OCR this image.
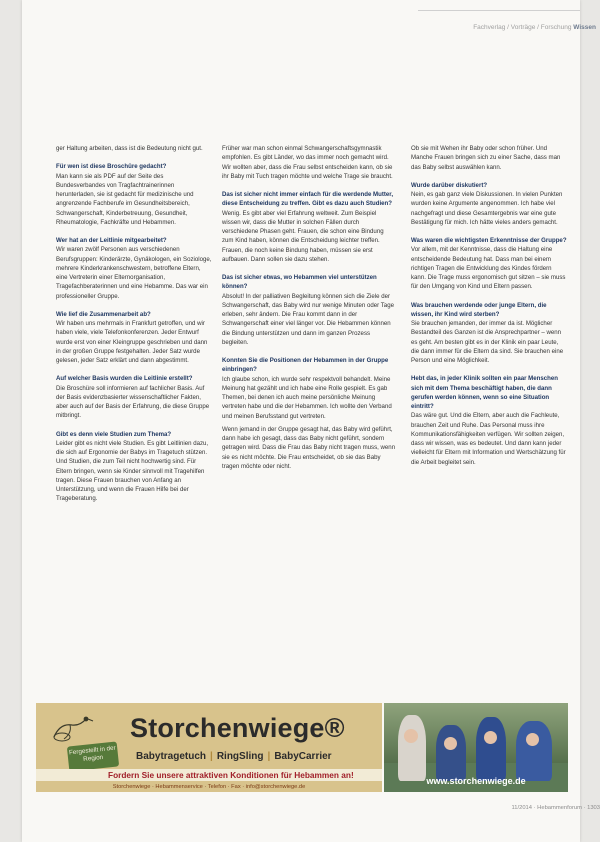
Fachverlag / Vorträge / Forschung Wissen

ger Haltung arbeiten, dass ist die Bedeutung nicht gut.

Für wen ist diese Broschüre gedacht?

Man kann sie als PDF auf der Seite des Bundesverbandes von Tragfachtrainerinnen herunterladen, sie ist gedacht für medizinische und angrenzende Fachberufe im Gesundheitsbereich, Schwangerschaft, Kinderbetreuung, Gesundheit, Rheumatologie, Fachkräfte und Hebammen.

Wer hat an der Leitlinie mitgearbeitet?

Wir waren zwölf Personen aus verschiedenen Berufsgruppen: Kinderärzte, Gynäkologen, ein Soziologe, mehrere Kinderkrankenschwestern, betroffene Eltern, eine Vertreterin einer Elternorganisation, Tragefachberaterinnen und eine Hebamme. Das war ein professioneller Gruppe.

Wie lief die Zusammenarbeit ab?

Wir haben uns mehrmals in Frankfurt getroffen, und wir haben viele, viele Telefonkonferenzen. Jeder Entwurf wurde erst von einer Kleingruppe geschrieben und dann in der großen Gruppe festgehalten. Jeder Satz wurde gelesen, jeder Satz erklärt und dann abgestimmt.

Auf welcher Basis wurden die Leitlinie erstellt?

Die Broschüre soll informieren auf fachlicher Basis. Auf der Basis evidenzbasierter wissenschaftlicher Fakten, aber auch auf der Basis der Erfahrung, die diese Gruppe mitbringt.

Gibt es denn viele Studien zum Thema?

Leider gibt es nicht viele Studien. Es gibt Leitlinien dazu, die sich auf Ergonomie der Babys im Tragetuch stützen. Und Studien, die zum Teil nicht hochwertig sind. Für Eltern bringen, wenn sie Kinder sinnvoll mit Tragehilfen tragen. Diese Frauen brauchen von Anfang an Unterstützung, und wenn die Frauen Hilfe bei der Trageberatung.

Früher war man schon einmal Schwangerschaftsgymnastik empfohlen. Es gibt Länder, wo das immer noch gemacht wird. Wir wollten aber, dass die Frau selbst entscheiden kann, ob sie ihr Baby mit Tuch tragen möchte und welche Trage sie braucht.

Das ist sicher nicht immer einfach für die werdende Mutter, diese Entscheidung zu treffen. Gibt es dazu auch Studien?

Wenig. Es gibt aber viel Erfahrung weltweit. Zum Beispiel wissen wir, dass die Mutter in solchen Fällen durch verschiedene Phasen geht. Frauen, die schon eine Bindung zum Kind haben, können die Entscheidung leichter treffen. Frauen, die noch keine Bindung haben, müssen sie erst aufbauen. Dann sollen sie dazu stehen.

Das ist sicher etwas, wo Hebammen viel unterstützen können?

Absolut! In der palliativen Begleitung können sich die Ziele der Schwangerschaft, das Baby wird nur wenige Minuten oder Tage erleben, sehr ändern. Die Frau kommt dann in der Schwangerschaft einer viel länger vor. Die Hebammen können die Bindung unterstützen und dann im ganzen Prozess begleiten.

Konnten Sie die Positionen der Hebammen in der Gruppe einbringen?

Ich glaube schon, ich wurde sehr respektvoll behandelt. Meine Meinung hat gezählt und ich habe eine Rolle gespielt. Es gab Themen, bei denen ich auch meine persönliche Meinung vertreten habe und die der Hebammen. Ich wollte den Verband und meinen Berufsstand gut vertreten.

Wenn jemand in der Gruppe gesagt hat, das Baby wird geführt, dann habe ich gesagt, dass das Baby nicht geführt, sondern getragen wird. Dass die Frau das Baby nicht tragen muss, wenn sie es nicht möchte. Die Frau entscheidet, ob sie das Baby tragen möchte oder nicht.

Ob sie mit Wehen ihr Baby oder schon früher. Und Manche Frauen bringen sich zu einer Sache, dass man das Baby selbst auswählen kann.

Wurde darüber diskutiert?

Nein, es gab ganz viele Diskussionen. In vielen Punkten wurden keine Argumente angenommen. Ich habe viel nachgefragt und diese Gesamtergebnis war eine gute Bestätigung für mich. Ich hätte vieles anders gemacht.

Was waren die wichtigsten Erkenntnisse der Gruppe?

Vor allem, mit der Kenntnisse, dass die Haltung eine entscheidende Bedeutung hat. Dass man bei einem richtigen Tragen die Entwicklung des Kindes fördern kann. Die Trage muss ergonomisch gut sitzen – sie muss für den Umgang von Kind und Eltern passen.

Was brauchen werdende oder junge Eltern, die wissen, ihr Kind wird sterben?

Sie brauchen jemanden, der immer da ist. Möglicher Bestandteil des Ganzen ist die Ansprechpartner – wenn es geht. Am besten gibt es in der Klinik ein paar Leute, die dann immer für die Eltern da sind. Sie brauchen eine Person und eine Möglichkeit.

Hebt das, in jeder Klinik sollten ein paar Menschen sich mit dem Thema beschäftigt haben, die dann gerufen werden können, wenn so eine Situation eintritt?

Das wäre gut. Und die Eltern, aber auch die Fachleute, brauchen Zeit und Ruhe. Das Personal muss ihre Kommunikationsfähigkeiten verfügen. Wir sollten zeigen, dass wir wissen, was es bedeutet. Und dann kann jeder vielleicht für Eltern mit Information und Wertschätzung für die Arbeit begleitet sein.

11/2014 · Hebammenforum · 1303
Storchenwiege®
Fergestellt in der Region	Babytragetuch | RingSling | BabyCarrier
Fordern Sie unsere attraktiven Konditionen für Hebammen an!
Storchenwiege · Hebammenservice · Telefon · Fax · info@storchenwiege.de
www.storchenwiege.de
